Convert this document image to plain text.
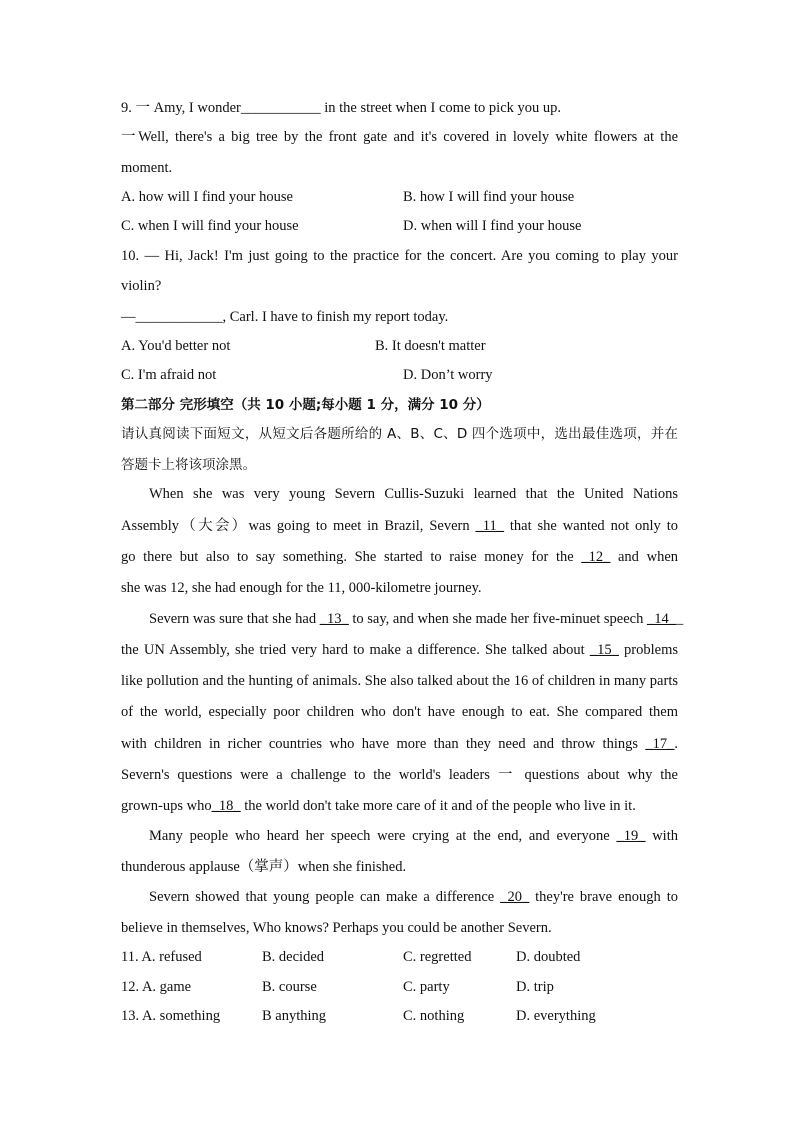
9. 一 Amy, I wonder___________ in the street when I come to pick you up.
一Well, there's a big tree by the front gate and it's covered in lovely white flowers at the
moment.
A. how will I find your house	B. how I will find your house
C. when I will find your house	D. when will I find your house
10. — Hi, Jack! I'm just going to the practice for the concert. Are you coming to play your
violin?
—____________, Carl. I have to finish my report today.
A. You'd better not	B. It doesn't matter
C. I'm afraid not	D. Don’t worry
第二部分 完形填空（共 10 小题;每小题 1 分，满分 10 分）
请认真阅读下面短文，从短文后各题所给的 A、B、C、D 四个选项中，选出最佳选项，并在
答题卡上将该项涂黑。
When she was very young Severn Cullis-Suzuki learned that the United Nations
Assembly（大会）was going to meet in Brazil, Severn _11_ that she wanted not only to
go there but also to say something. She started to raise money for the _12_ and when
she was 12, she had enough for the 11, 000-kilometre journey.
Severn was sure that she had _13_ to say, and when she made her five-minuet speech _14__
the UN Assembly, she tried very hard to make a difference. She talked about _15_ problems
like pollution and the hunting of animals. She also talked about the 16 of children in many parts
of the world, especially poor children who don't have enough to eat. She compared them
with children in richer countries who have more than they need and throw things _17_.
Severn's questions were a challenge to the world's leaders 一 questions about why the
grown-ups who_18_ the world don't take more care of it and of the people who live in it.
Many people who heard her speech were crying at the end, and everyone _19_ with
thunderous applause（掌声）when she finished.
Severn showed that young people can make a difference _20_ they're brave enough to
believe in themselves, Who knows? Perhaps you could be another Severn.
11. A. refused	B. decided	C. regretted	D. doubted
12. A. game	B. course	C. party	D. trip
13. A. something	B anything	C. nothing	D. everything
